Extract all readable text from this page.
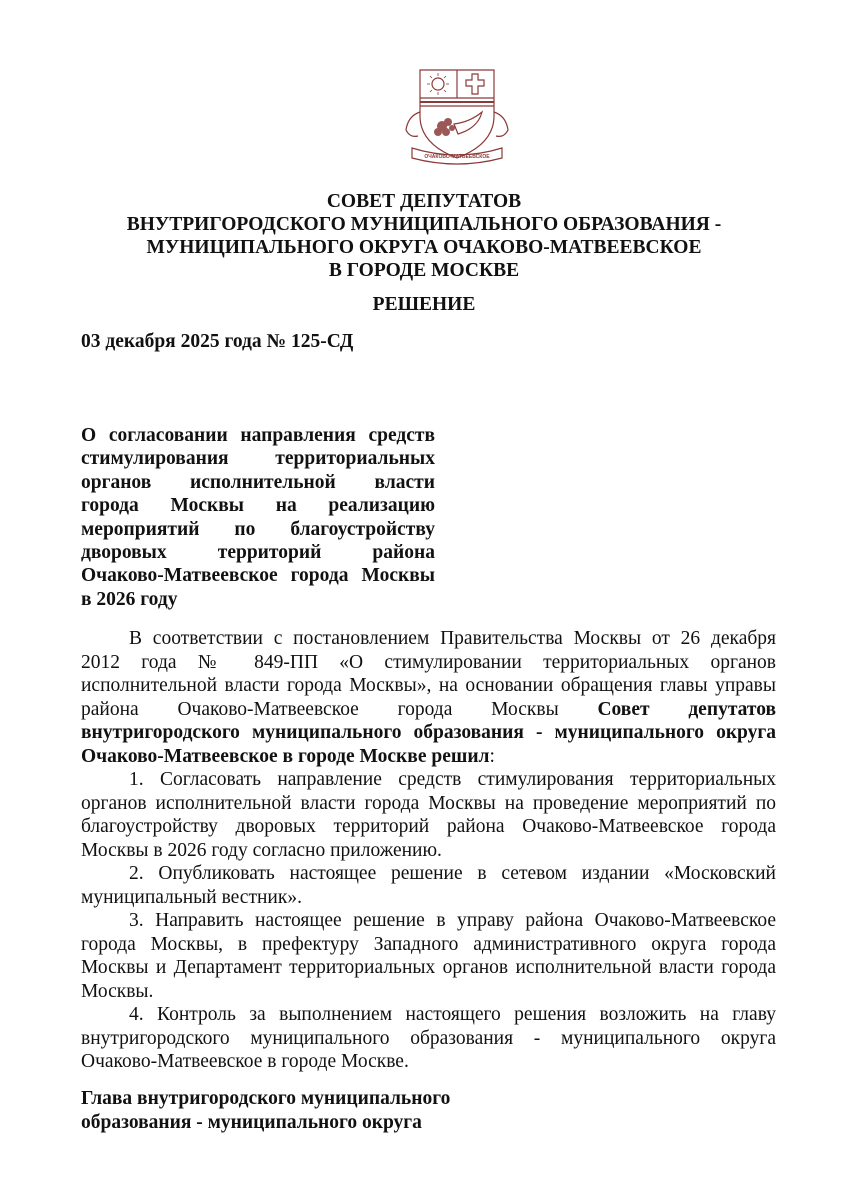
ОЧАКОВО-МАТВЕЕВСКОЕ
СОВЕТ ДЕПУТАТОВ
ВНУТРИГОРОДСКОГО МУНИЦИПАЛЬНОГО ОБРАЗОВАНИЯ -
МУНИЦИПАЛЬНОГО ОКРУГА ОЧАКОВО-МАТВЕЕВСКОЕ
В ГОРОДЕ МОСКВЕ
РЕШЕНИЕ
03 декабря 2025 года № 125-СД
О согласовании направления средств
стимулирования территориальных
органов исполнительной власти
города Москвы на реализацию
мероприятий по благоустройству
дворовых территорий района
Очаково-Матвеевское города Москвы
в 2026 году
В соответствии с постановлением Правительства Москвы от 26 декабря
2012 года № 849-ПП «О стимулировании территориальных органов
исполнительной власти города Москвы», на основании обращения главы управы
района Очаково-Матвеевское города Москвы Совет депутатов
внутригородского муниципального образования - муниципального округа
Очаково-Матвеевское в городе Москве решил:
1. Согласовать направление средств стимулирования территориальных
органов исполнительной власти города Москвы на проведение мероприятий по
благоустройству дворовых территорий района Очаково-Матвеевское города
Москвы в 2026 году согласно приложению.
2. Опубликовать настоящее решение в сетевом издании «Московский
муниципальный вестник».
3. Направить настоящее решение в управу района Очаково-Матвеевское
города Москвы, в префектуру Западного административного округа города
Москвы и Департамент территориальных органов исполнительной власти города
Москвы.
4. Контроль за выполнением настоящего решения возложить на главу
внутригородского муниципального образования - муниципального округа
Очаково-Матвеевское в городе Москве.
Глава внутригородского муниципального
образования - муниципального округа
